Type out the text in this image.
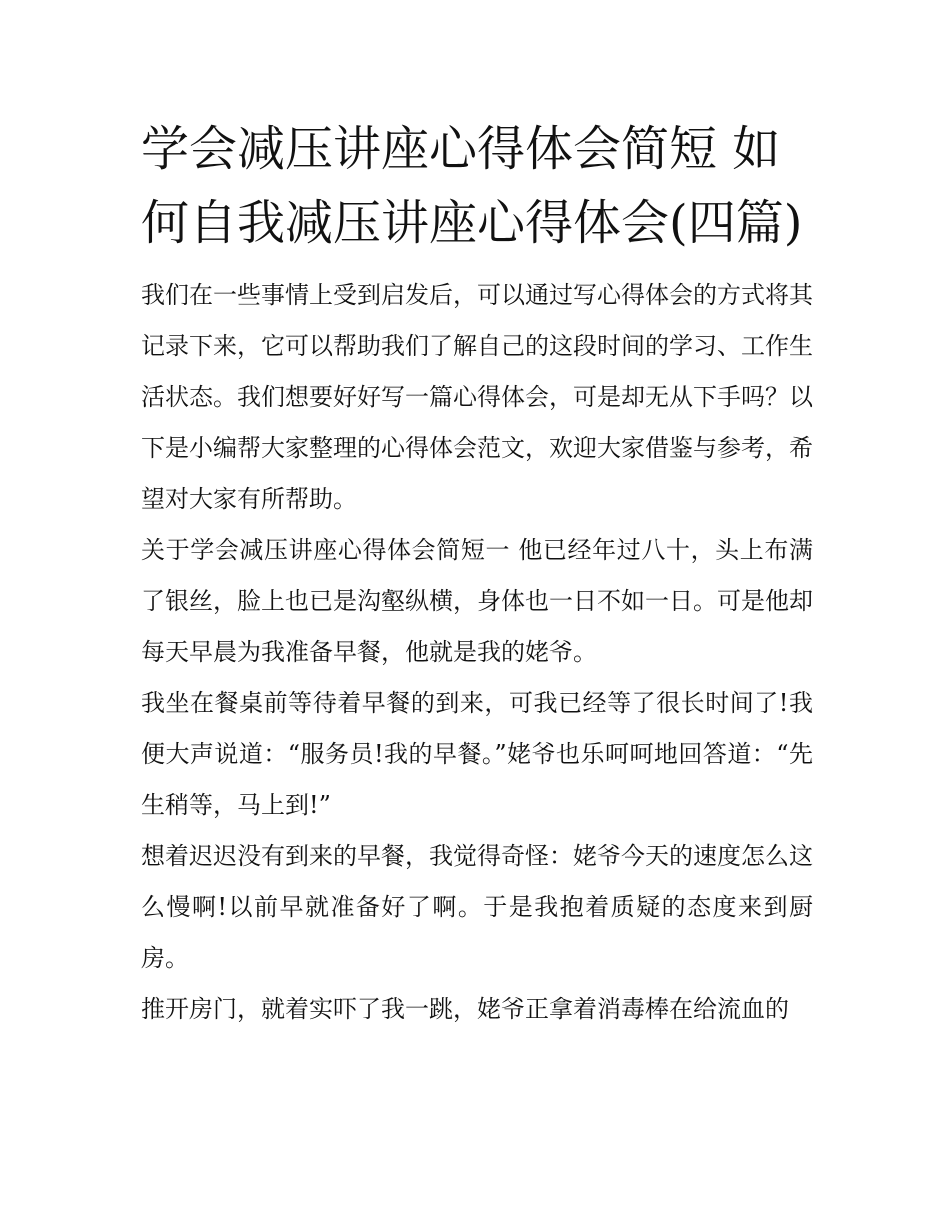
学会减压讲座心得体会简短 如何自我减压讲座心得体会(四篇)

我们在一些事情上受到启发后，可以通过写心得体会的方式将其记录下来，它可以帮助我们了解自己的这段时间的学习、工作生活状态。我们想要好好写一篇心得体会，可是却无从下手吗？以下是小编帮大家整理的心得体会范文，欢迎大家借鉴与参考，希望对大家有所帮助。

关于学会减压讲座心得体会简短一 他已经年过八十，头上布满了银丝，脸上也已是沟壑纵横，身体也一日不如一日。可是他却每天早晨为我准备早餐，他就是我的姥爷。

我坐在餐桌前等待着早餐的到来，可我已经等了很长时间了!我便大声说道：“服务员!我的早餐。”姥爷也乐呵呵地回答道：“先生稍等，马上到!”

想着迟迟没有到来的早餐，我觉得奇怪：姥爷今天的速度怎么这么慢啊!以前早就准备好了啊。于是我抱着质疑的态度来到厨房。

推开房门，就着实吓了我一跳，姥爷正拿着消毒棒在给流血的
